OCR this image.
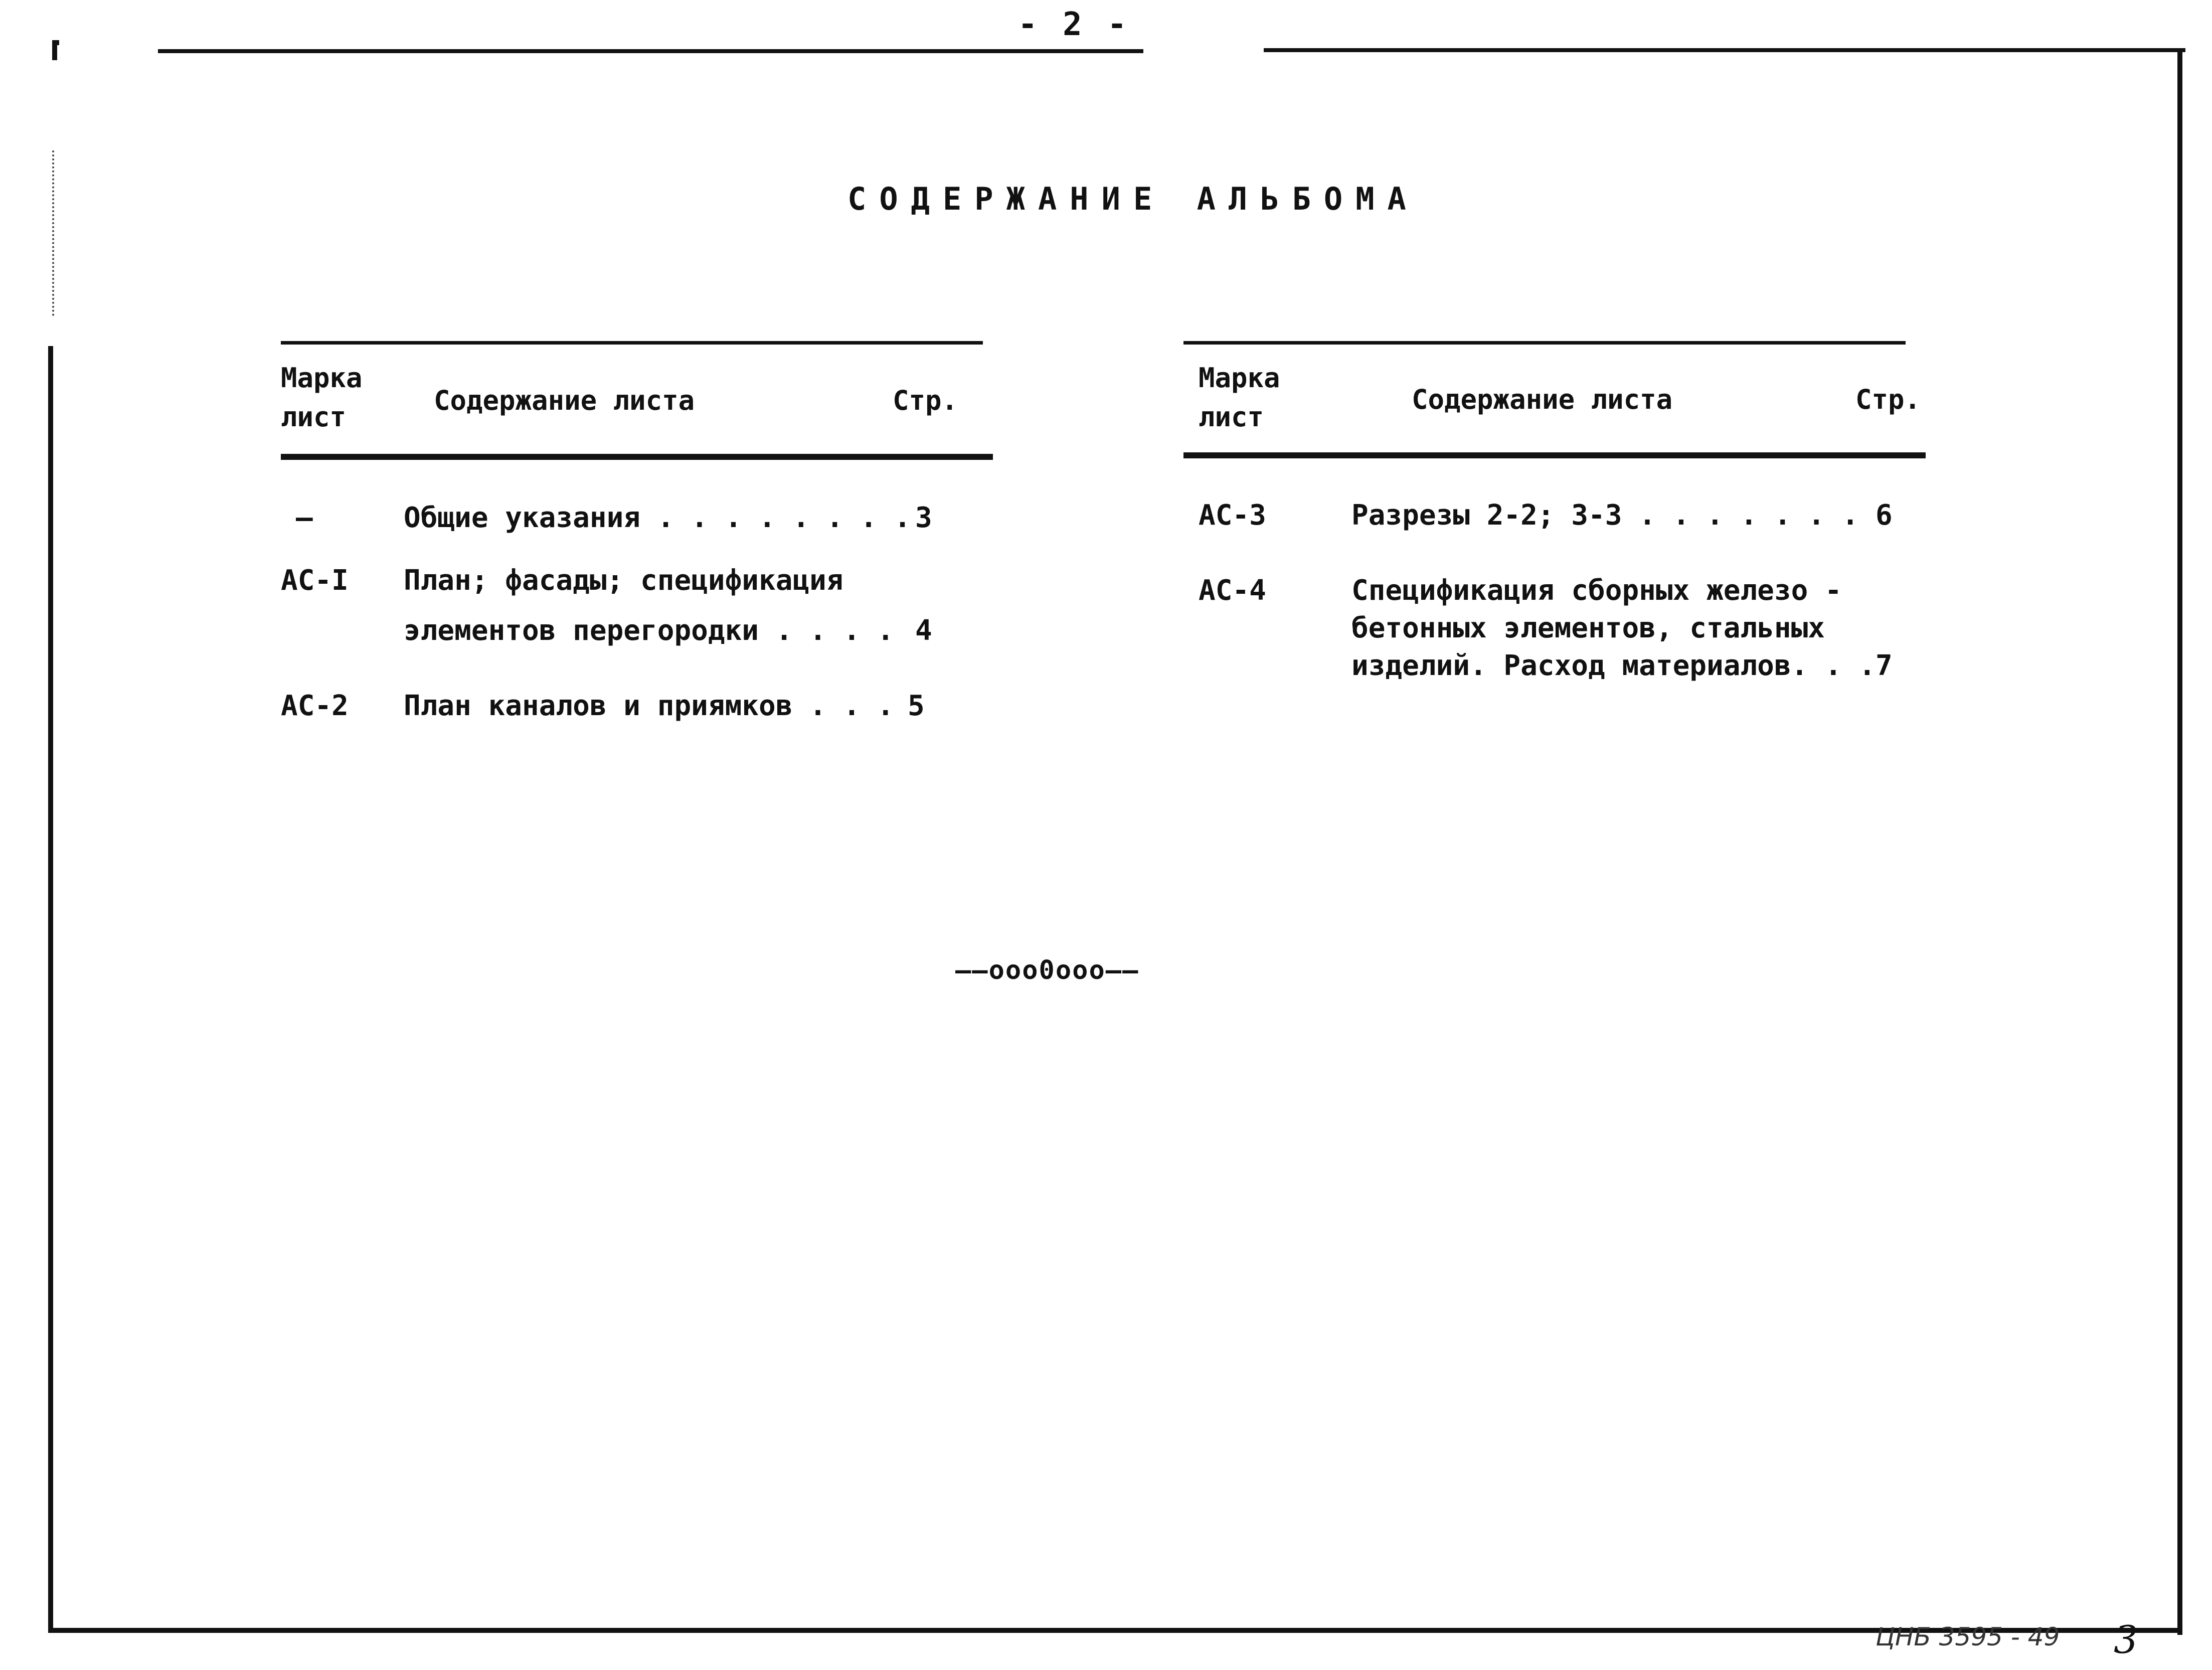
- 2 -
СОДЕРЖАНИЕ АЛЬБОМА
Марка
лист
Содержание листа	Стр.
–	Общие указания . . . . . . . . 3
АС-I План; фасады; спецификация
элементов перегородки . . . . 4
АС-2 План каналов и приямков . . . 5
Марка
лист
Содержание листа	Стр.
АС-3	Разрезы 2-2; 3-3 . . . . . . . 6
АС-4	Спецификация сборных железо -
бетонных элементов, стальных
изделий. Расход материалов. . . 7
——ooo0ooo——
ЦНБ 3595 - 49 3
